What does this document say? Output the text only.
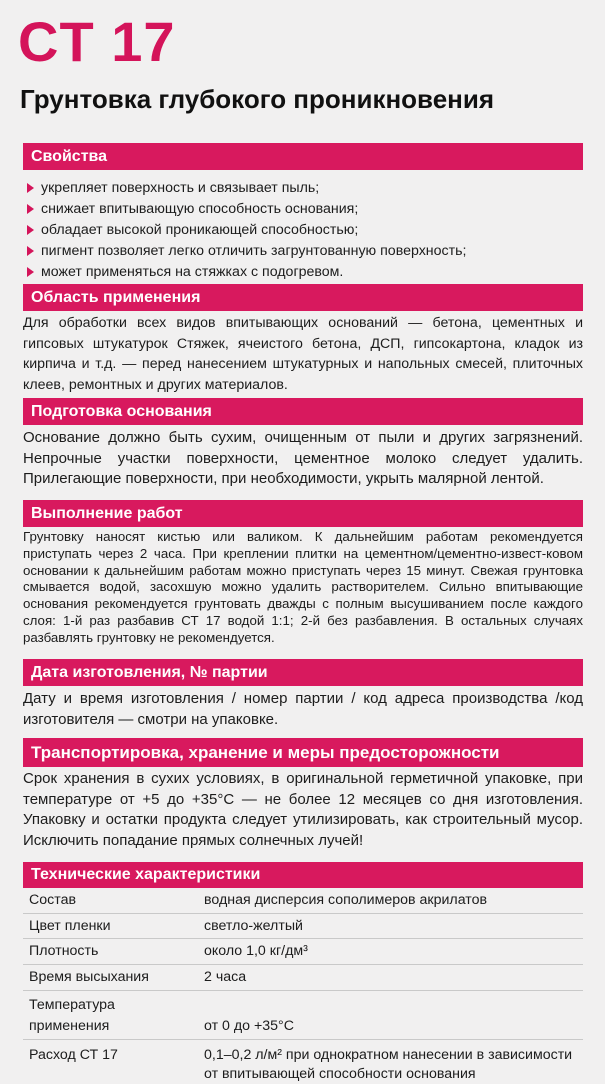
CT 17
Грунтовка глубокого проникновения
Свойства
укрепляет поверхность и связывает пыль;
снижает впитывающую способность основания;
обладает высокой проникающей способностью;
пигмент позволяет легко отличить загрунтованную поверхность;
может применяться на стяжках с подогревом.
Область применения
Для обработки всех видов впитывающих оснований — бетона, цементных и гипсовых штукатурок Стяжек, ячеистого бетона, ДСП, гипсокартона, кладок из кирпича и т.д. — перед нанесением штукатурных и напольных смесей, плиточных клеев, ремонтных и других материалов.
Подготовка основания
Основание должно быть сухим, очищенным от пыли и других загрязнений. Непрочные участки поверхности, цементное молоко следует удалить. Прилегающие поверхности, при необходимости, укрыть малярной лентой.
Выполнение работ
Грунтовку наносят кистью или валиком. К дальнейшим работам рекомендуется приступать через 2 часа. При креплении плитки на цементном/цементно-извест-ковом основании к дальнейшим работам можно приступать через 15 минут. Свежая грунтовка смывается водой, засохшую можно удалить растворителем. Сильно впитывающие основания рекомендуется грунтовать дважды с полным высушиванием после каждого слоя: 1-й раз разбавив СТ 17 водой 1:1; 2-й без разбавления. В остальных случаях разбавлять грунтовку не рекомендуется.
Дата изготовления, № партии
Дату и время изготовления / номер партии / код адреса производства /код изготовителя — смотри на упаковке.
Транспортировка, хранение и меры предосторожности
Срок хранения в сухих условиях, в оригинальной герметичной упаковке, при температуре от +5 до +35°С — не более 12 месяцев со дня изготовления. Упаковку и остатки продукта следует утилизировать, как строительный мусор. Исключить попадание прямых солнечных лучей!
Технические характеристики
Состав	водная дисперсия сополимеров акрилатов
Цвет пленки	светло-желтый
Плотность	около 1,0 кг/дм³
Время высыхания	2 часа
Температура применения	от 0 до +35°С
Расход СТ 17	0,1–0,2 л/м² при однократном нанесении в зависимости от впитывающей способности основания
